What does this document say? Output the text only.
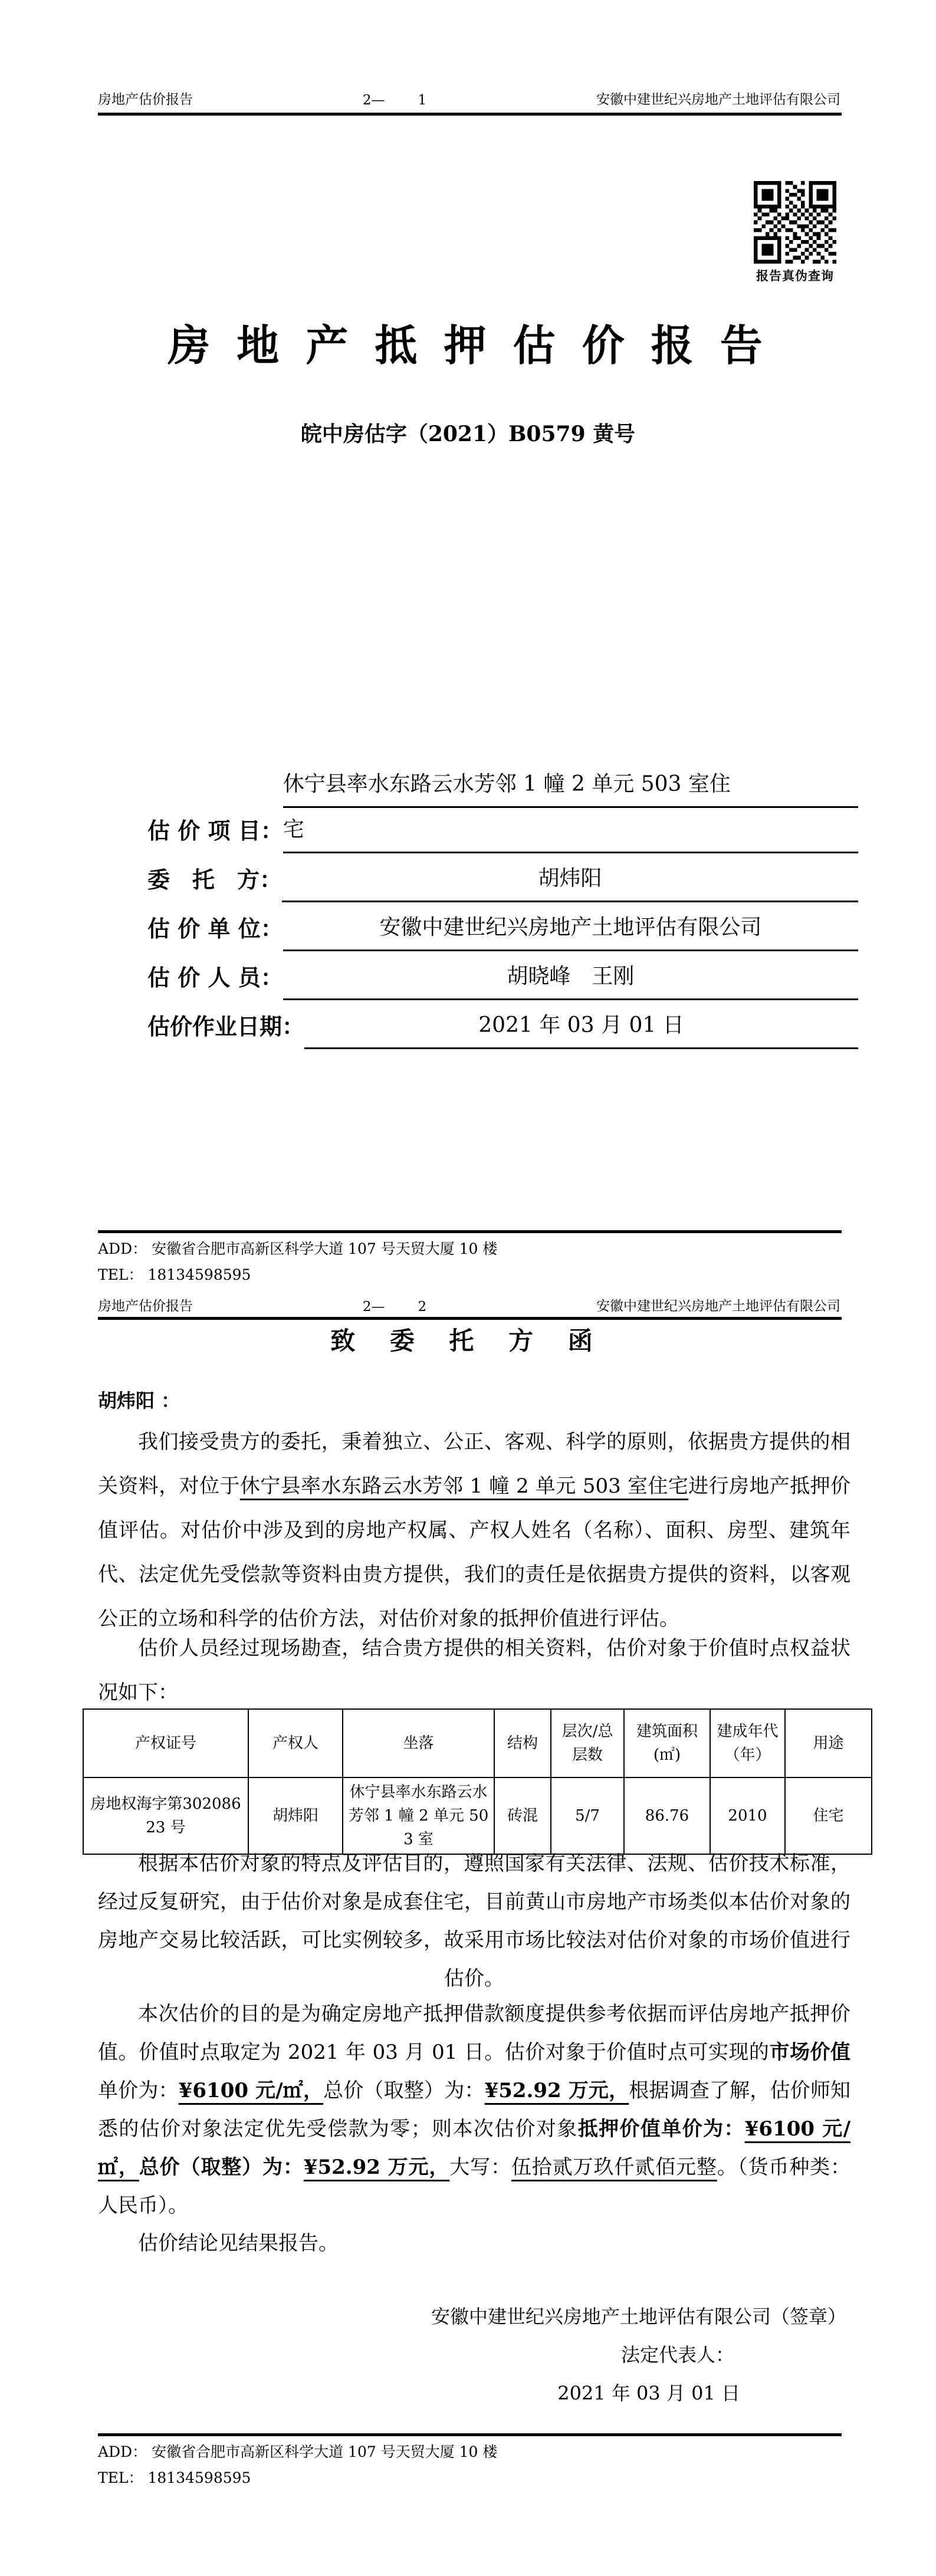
房地产估价报告	2— 1	安徽中建世纪兴房地产土地评估有限公司
报告真伪查询
房 地 产 抵 押 估 价 报 告
皖中房估字（2021）B0579 黄号
估 价 项 目：
休宁县率水东路云水芳邻 1 幢 2 单元 503 室住
宅
委　托　方：	胡炜阳
估 价 单 位：	安徽中建世纪兴房地产土地评估有限公司
估 价 人 员：	胡晓峰　王刚
估价作业日期：	2021 年 03 月 01 日
ADD： 安徽省合肥市高新区科学大道 107 号天贸大厦 10 楼
TEL： 18134598595
房地产估价报告	2— 2	安徽中建世纪兴房地产土地评估有限公司
致 委 托 方 函
胡炜阳 ：
我们接受贵方的委托，秉着独立、公正、客观、科学的原则，依据贵方提供的相关资料，对位于休宁县率水东路云水芳邻 1 幢 2 单元 503 室住宅进行房地产抵押价值评估。对估价中涉及到的房地产权属、产权人姓名（名称）、面积、房型、建筑年代、法定优先受偿款等资料由贵方提供，我们的责任是依据贵方提供的资料，以客观公正的立场和科学的估价方法，对估价对象的抵押价值进行评估。
估价人员经过现场勘查，结合贵方提供的相关资料，估价对象于价值时点权益状况如下：
产权证号	产权人	坐落	结构	层次/总层数	建筑面积(㎡)	建成年代（年）	用途
房地权海字第30208623 号	胡炜阳	休宁县率水东路云水芳邻 1 幢 2 单元 503 室	砖混	5/7	86.76	2010	住宅
根据本估价对象的特点及评估目的，遵照国家有关法律、法规、估价技术标准，经过反复研究，由于估价对象是成套住宅，目前黄山市房地产市场类似本估价对象的房地产交易比较活跃，可比实例较多，故采用市场比较法对估价对象的市场价值进行估价。
本次估价的目的是为确定房地产抵押借款额度提供参考依据而评估房地产抵押价值。价值时点取定为 2021 年 03 月 01 日。估价对象于价值时点可实现的市场价值单价为：¥6100 元/㎡，总价（取整）为：¥52.92 万元，根据调查了解，估价师知悉的估价对象法定优先受偿款为零；则本次估价对象抵押价值单价为：¥6100 元/㎡，总价（取整）为：¥52.92 万元，大写：伍拾贰万玖仟贰佰元整。（货币种类：人民币）。
估价结论见结果报告。
安徽中建世纪兴房地产土地评估有限公司（签章）
法定代表人：
2021 年 03 月 01 日
ADD： 安徽省合肥市高新区科学大道 107 号天贸大厦 10 楼
TEL： 18134598595
